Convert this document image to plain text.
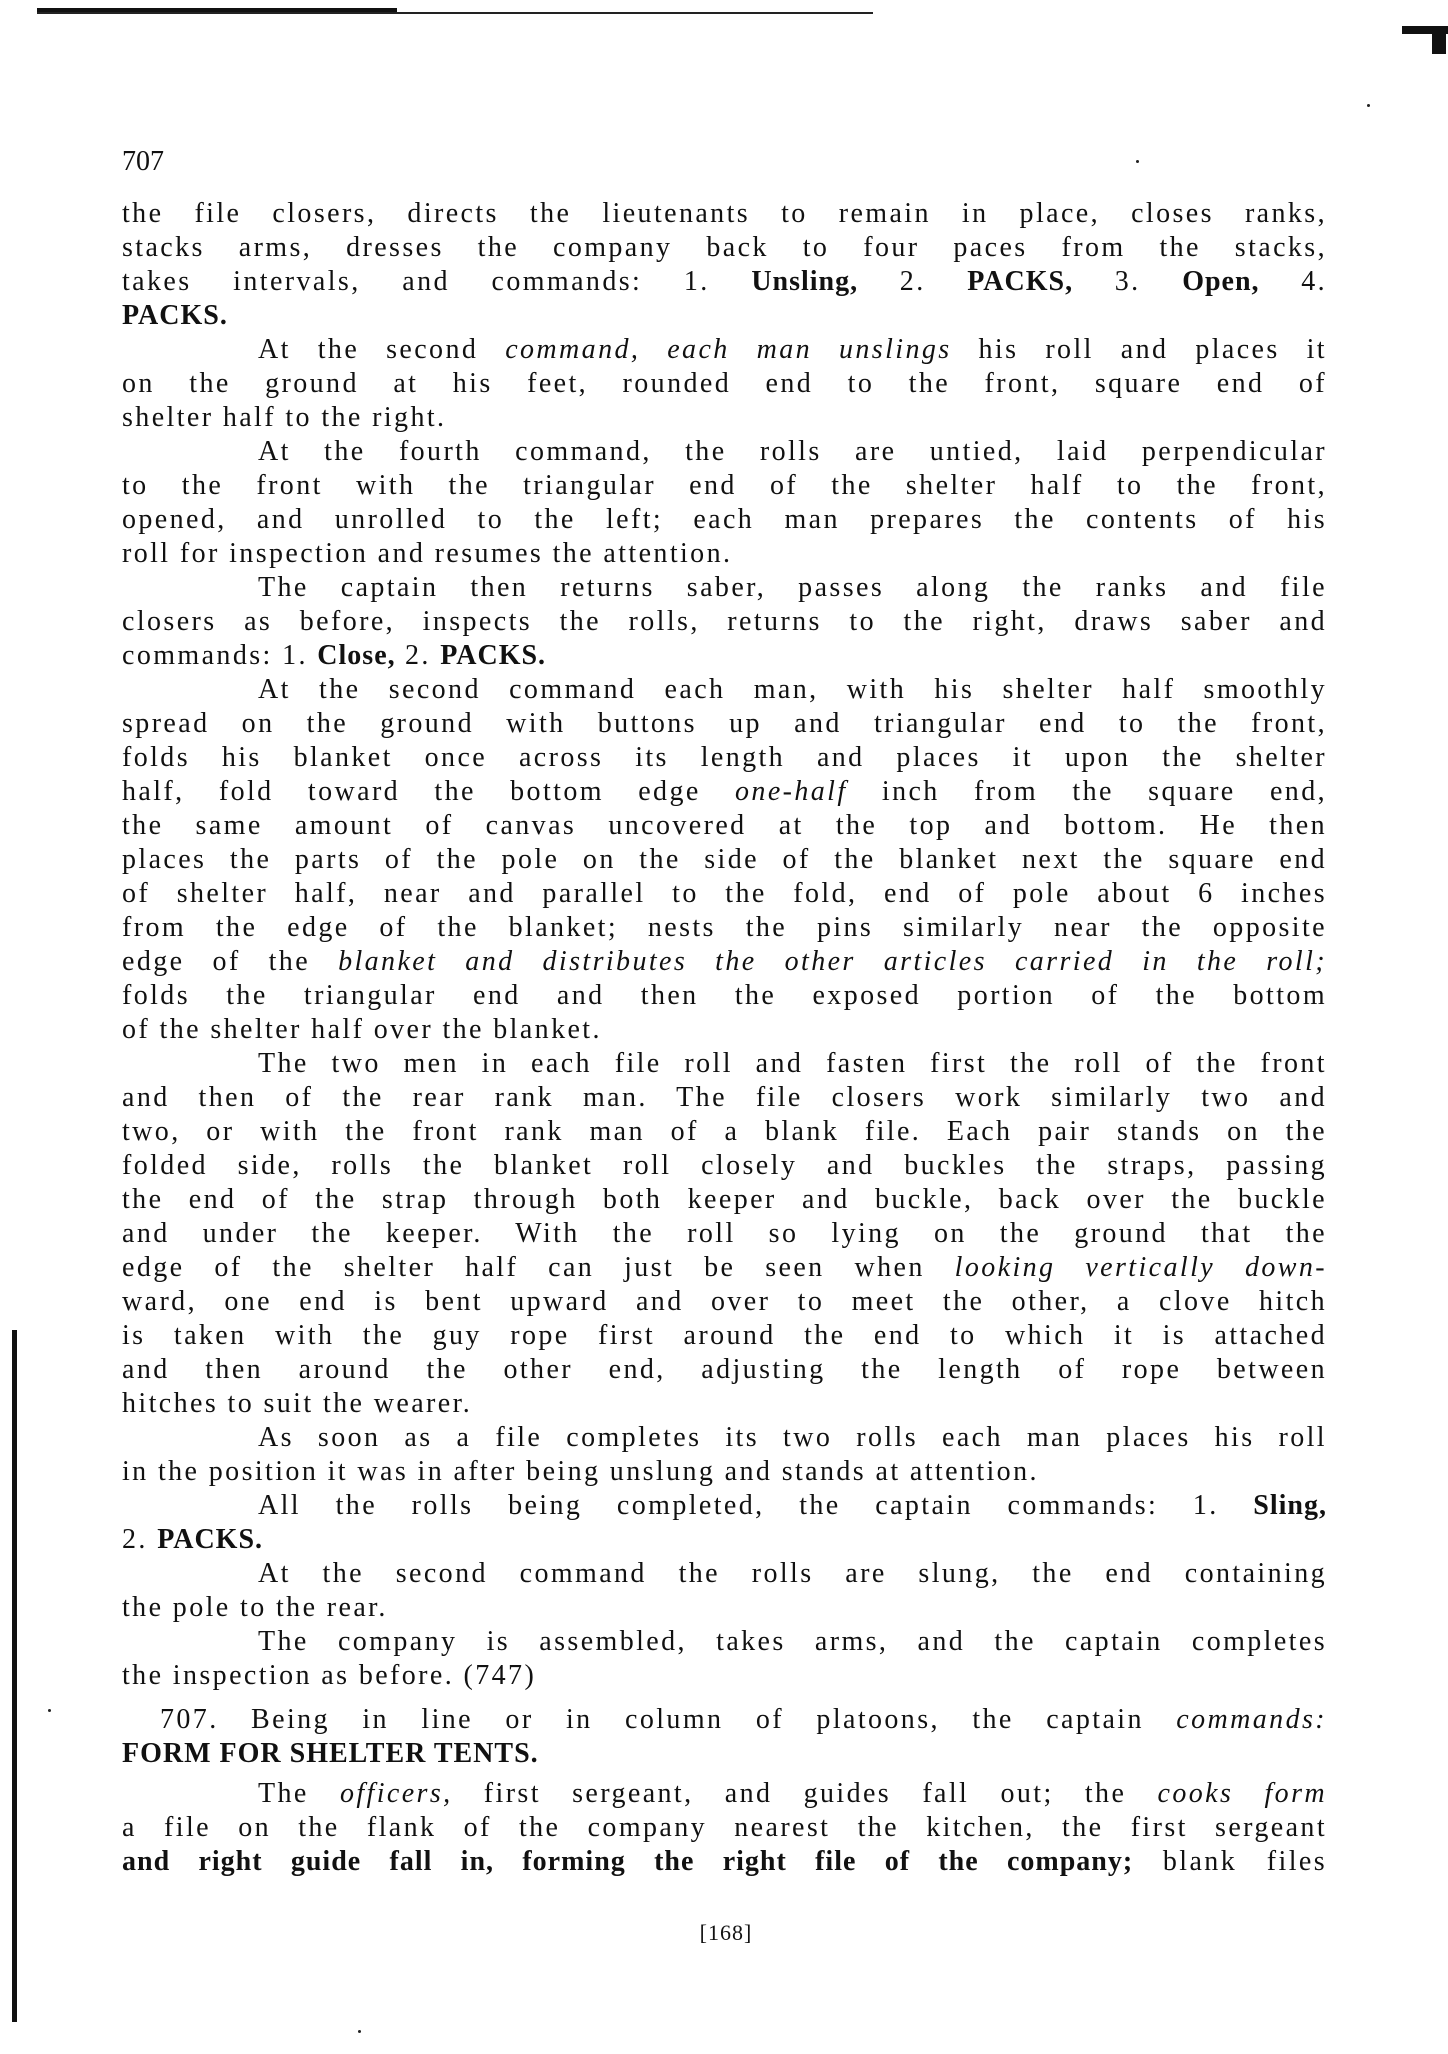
707
the file closers, directs the lieutenants to remain in place, closes ranks,
stacks arms, dresses the company back to four paces from the stacks,
takes intervals, and commands: 1. Unsling, 2. PACKS, 3. Open, 4.
PACKS.
At the second command, each man unslings his roll and places it
on the ground at his feet, rounded end to the front, square end of
shelter half to the right.
At the fourth command, the rolls are untied, laid perpendicular
to the front with the triangular end of the shelter half to the front,
opened, and unrolled to the left; each man prepares the contents of his
roll for inspection and resumes the attention.
The captain then returns saber, passes along the ranks and file
closers as before, inspects the rolls, returns to the right, draws saber and
commands: 1. Close, 2. PACKS.
At the second command each man, with his shelter half smoothly
spread on the ground with buttons up and triangular end to the front,
folds his blanket once across its length and places it upon the shelter
half, fold toward the bottom edge one-half inch from the square end,
the same amount of canvas uncovered at the top and bottom. He then
places the parts of the pole on the side of the blanket next the square end
of shelter half, near and parallel to the fold, end of pole about 6 inches
from the edge of the blanket; nests the pins similarly near the opposite
edge of the blanket and distributes the other articles carried in the roll;
folds the triangular end and then the exposed portion of the bottom
of the shelter half over the blanket.
The two men in each file roll and fasten first the roll of the front
and then of the rear rank man. The file closers work similarly two and
two, or with the front rank man of a blank file. Each pair stands on the
folded side, rolls the blanket roll closely and buckles the straps, passing
the end of the strap through both keeper and buckle, back over the buckle
and under the keeper. With the roll so lying on the ground that the
edge of the shelter half can just be seen when looking vertically down-
ward, one end is bent upward and over to meet the other, a clove hitch
is taken with the guy rope first around the end to which it is attached
and then around the other end, adjusting the length of rope between
hitches to suit the wearer.
As soon as a file completes its two rolls each man places his roll
in the position it was in after being unslung and stands at attention.
All the rolls being completed, the captain commands: 1. Sling,
2. PACKS.
At the second command the rolls are slung, the end containing
the pole to the rear.
The company is assembled, takes arms, and the captain completes
the inspection as before. (747)
707. Being in line or in column of platoons, the captain commands:
FORM FOR SHELTER TENTS.
The officers, first sergeant, and guides fall out; the cooks form
a file on the flank of the company nearest the kitchen, the first sergeant
and right guide fall in, forming the right file of the company; blank files
[168]
